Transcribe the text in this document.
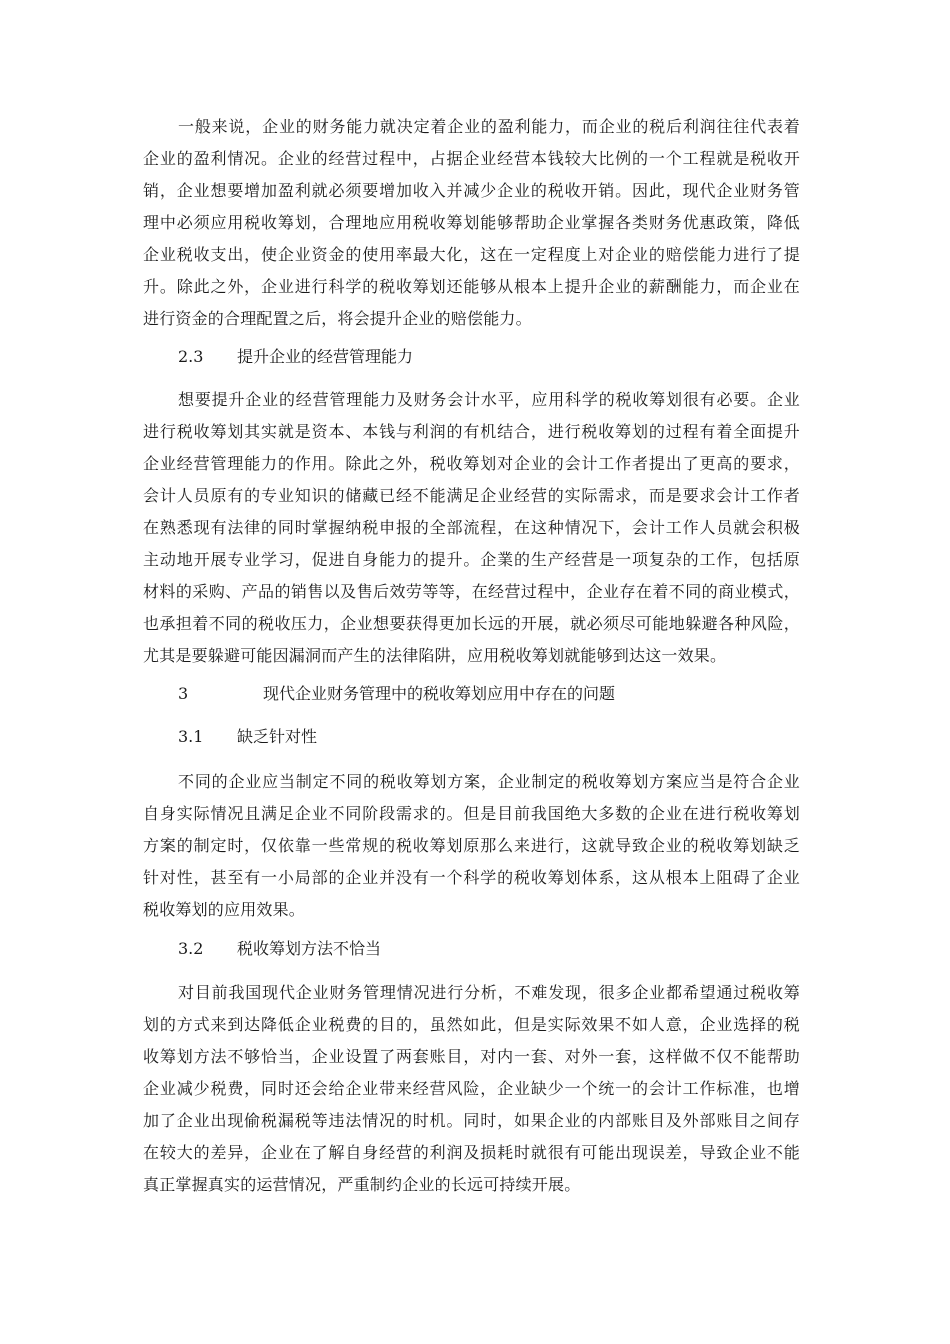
一般来说，企业的财务能力就决定着企业的盈利能力，而企业的税后利润往往代表着
企业的盈利情况。企业的经营过程中，占据企业经营本钱较大比例的一个工程就是税收开
销，企业想要增加盈利就必须要增加收入并减少企业的税收开销。因此，现代企业财务管
理中必须应用税收筹划，合理地应用税收筹划能够帮助企业掌握各类财务优惠政策，降低
企业税收支出，使企业资金的使用率最大化，这在一定程度上对企业的赔偿能力进行了提
升。除此之外，企业进行科学的税收筹划还能够从根本上提升企业的薪酬能力，而企业在
进行资金的合理配置之后，将会提升企业的赔偿能力。
2.3 提升企业的经营管理能力
想要提升企业的经营管理能力及财务会计水平，应用科学的税收筹划很有必要。企业
进行税收筹划其实就是资本、本钱与利润的有机结合，进行税收筹划的过程有着全面提升
企业经营管理能力的作用。除此之外，税收筹划对企业的会计工作者提出了更高的要求，
会计人员原有的专业知识的储藏已经不能满足企业经营的实际需求，而是要求会计工作者
在熟悉现有法律的同时掌握纳税申报的全部流程，在这种情况下，会计工作人员就会积极
主动地开展专业学习，促进自身能力的提升。企業的生产经营是一项复杂的工作，包括原
材料的采购、产品的销售以及售后效劳等等，在经营过程中，企业存在着不同的商业模式，
也承担着不同的税收压力，企业想要获得更加长远的开展，就必须尽可能地躲避各种风险，
尤其是要躲避可能因漏洞而产生的法律陷阱，应用税收筹划就能够到达这一效果。
3	现代企业财务管理中的税收筹划应用中存在的问题
3.1 缺乏针对性
不同的企业应当制定不同的税收筹划方案，企业制定的税收筹划方案应当是符合企业
自身实际情况且满足企业不同阶段需求的。但是目前我国绝大多数的企业在进行税收筹划
方案的制定时，仅依靠一些常规的税收筹划原那么来进行，这就导致企业的税收筹划缺乏
针对性，甚至有一小局部的企业并没有一个科学的税收筹划体系，这从根本上阻碍了企业
税收筹划的应用效果。
3.2 税收筹划方法不恰当
对目前我国现代企业财务管理情况进行分析，不难发现，很多企业都希望通过税收筹
划的方式来到达降低企业税费的目的，虽然如此，但是实际效果不如人意，企业选择的税
收筹划方法不够恰当，企业设置了两套账目，对内一套、对外一套，这样做不仅不能帮助
企业减少税费，同时还会给企业带来经营风险，企业缺少一个统一的会计工作标准，也增
加了企业出现偷税漏税等违法情况的时机。同时，如果企业的内部账目及外部账目之间存
在较大的差异，企业在了解自身经营的利润及损耗时就很有可能出现误差，导致企业不能
真正掌握真实的运营情况，严重制约企业的长远可持续开展。
